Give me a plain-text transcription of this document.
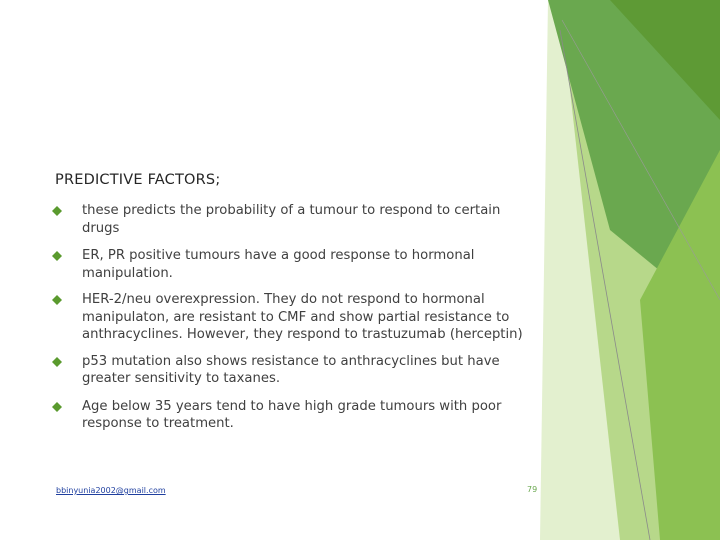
PREDICTIVE FACTORS;
these predicts the probability of a tumour to respond to certain drugs
ER, PR positive tumours have a good response to hormonal manipulation.
HER-2/neu overexpression. They do not respond to hormonal manipulaton, are resistant to CMF and show partial resistance to anthracyclines. However, they respond to trastuzumab (herceptin)
p53 mutation also shows resistance to anthracyclines but have greater sensitivity to taxanes.
Age below 35 years tend to have high grade tumours with poor response to treatment.
bbinyunia2002@gmail.com	79
